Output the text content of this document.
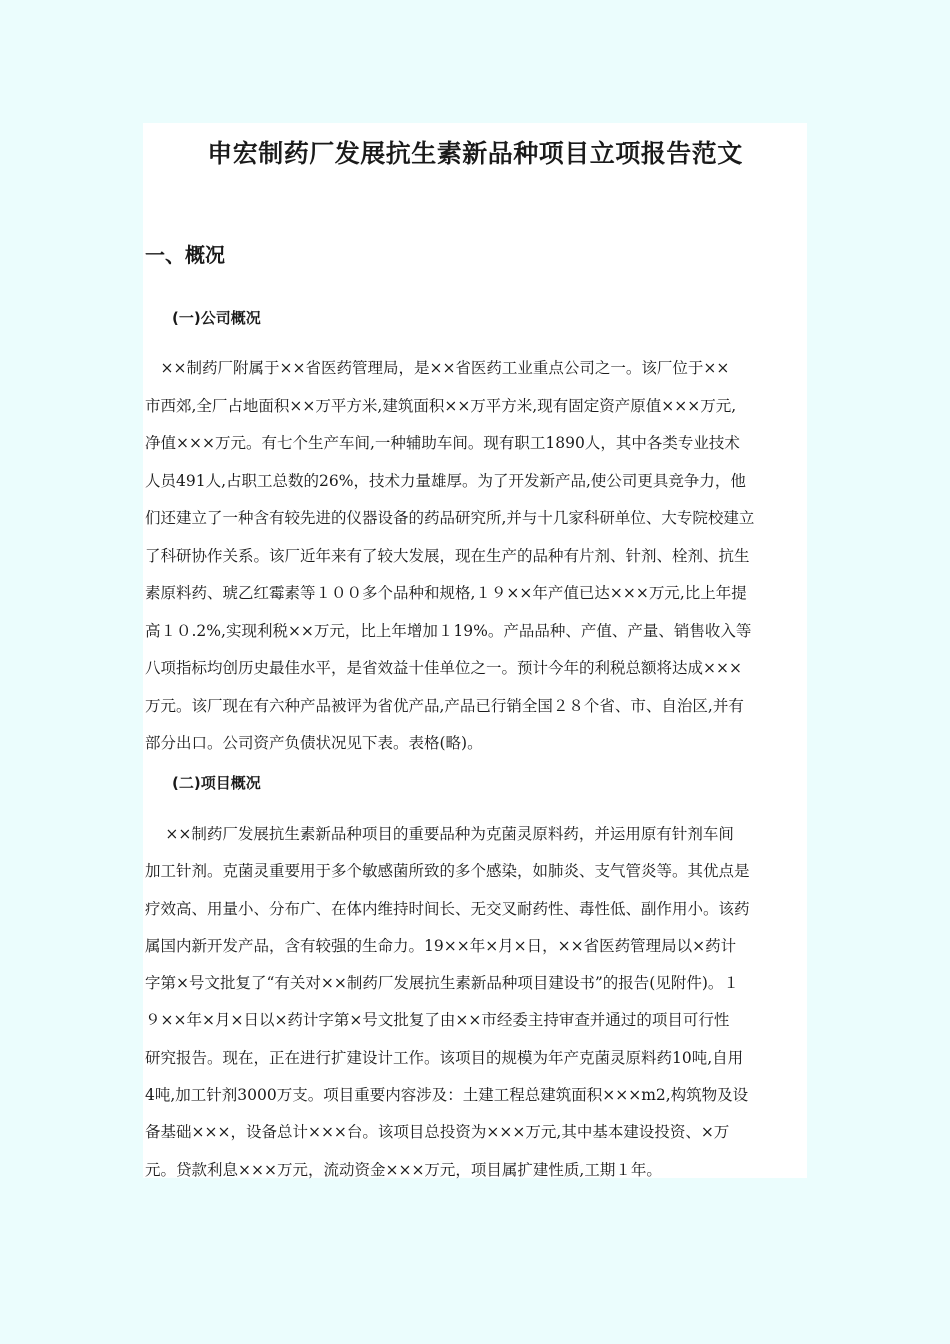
申宏制药厂发展抗生素新品种项目立项报告范文
一、概况
(一)公司概况
　××制药厂附属于××省医药管理局，是××省医药工业重点公司之一。该厂位于××
市西郊,全厂占地面积××万平方米,建筑面积××万平方米,现有固定资产原值×××万元,
净值×××万元。有七个生产车间,一种辅助车间。现有职工1890人，其中各类专业技术
人员491人,占职工总数的26%，技术力量雄厚。为了开发新产品,使公司更具竞争力，他
们还建立了一种含有较先进的仪器设备的药品研究所,并与十几家科研单位、大专院校建立
了科研协作关系。该厂近年来有了较大发展，现在生产的品种有片剂、针剂、栓剂、抗生
素原料药、琥乙红霉素等１００多个品种和规格,１９××年产值已达×××万元,比上年提
高１０.2%,实现利税××万元，比上年增加１19%。产品品种、产值、产量、销售收入等
八项指标均创历史最佳水平，是省效益十佳单位之一。预计今年的利税总额将达成×××
万元。该厂现在有六种产品被评为省优产品,产品已行销全国２８个省、市、自治区,并有
部分出口。公司资产负债状况见下表。表格(略)。
(二)项目概况
　 ××制药厂发展抗生素新品种项目的重要品种为克菌灵原料药，并运用原有针剂车间
加工针剂。克菌灵重要用于多个敏感菌所致的多个感染，如肺炎、支气管炎等。其优点是
疗效高、用量小、分布广、在体内维持时间长、无交叉耐药性、毒性低、副作用小。该药
属国内新开发产品，含有较强的生命力。19××年×月×日，××省医药管理局以×药计
字第×号文批复了“有关对××制药厂发展抗生素新品种项目建设书”的报告(见附件)。１
９××年×月×日以×药计字第×号文批复了由××市经委主持审查并通过的项目可行性
研究报告。现在，正在进行扩建设计工作。该项目的规模为年产克菌灵原料药10吨,自用
4吨,加工针剂3000万支。项目重要内容涉及：土建工程总建筑面积×××m2,构筑物及设
备基础×××，设备总计×××台。该项目总投资为×××万元,其中基本建设投资、×万
元。贷款利息×××万元，流动资金×××万元，项目属扩建性质,工期１年。
